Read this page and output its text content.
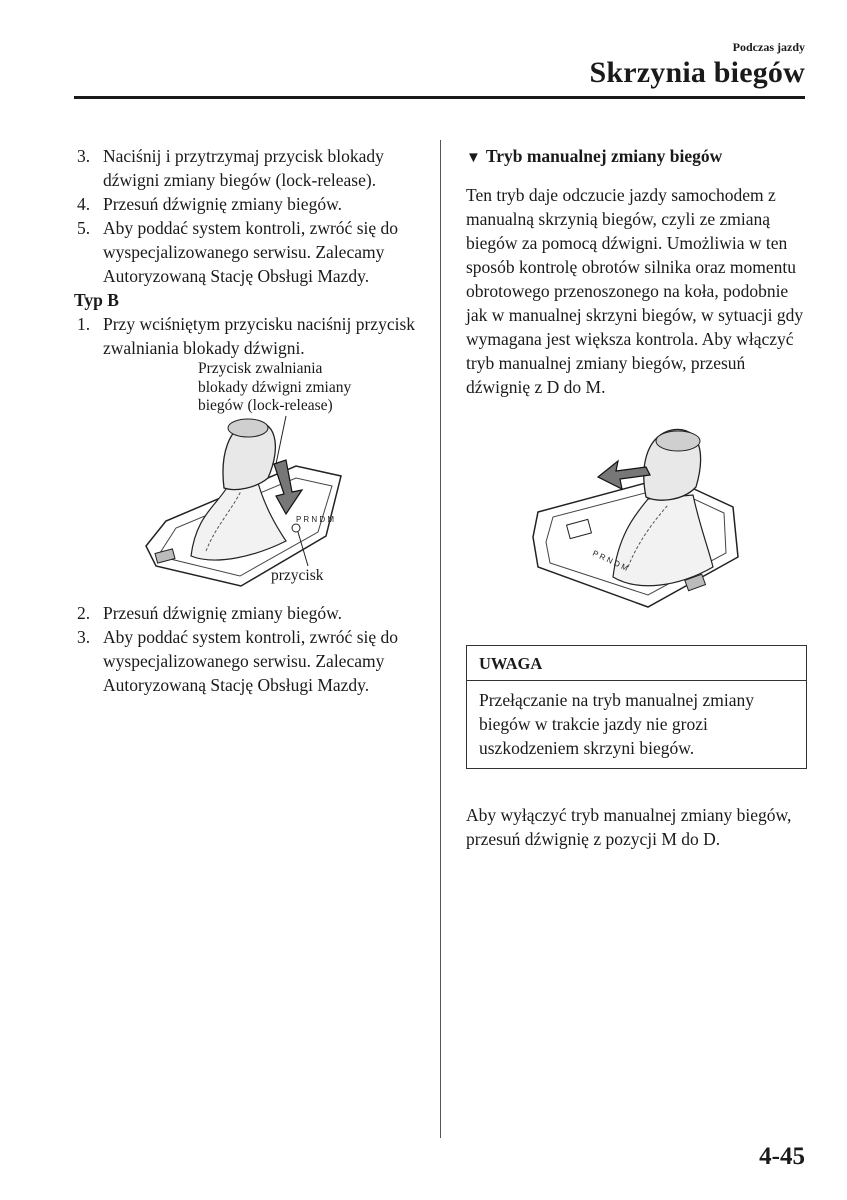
Podczas jazdy
Skrzynia biegów
3. Naciśnij i przytrzymaj przycisk blokady dźwigni zmiany biegów (lock-release).
4. Przesuń dźwignię zmiany biegów.
5. Aby poddać system kontroli, zwróć się do wyspecjalizowanego serwisu. Zalecamy Autoryzowaną Stację Obsługi Mazdy.
Typ B
1. Przy wciśniętym przycisku naciśnij przycisk zwalniania blokady dźwigni.
Przycisk zwalniania
blokady dźwigni zmiany
biegów (lock-release)
P R N D M
przycisk
2. Przesuń dźwignię zmiany biegów.
3. Aby poddać system kontroli, zwróć się do wyspecjalizowanego serwisu. Zalecamy Autoryzowaną Stację Obsługi Mazdy.
▼ Tryb manualnej zmiany biegów
Ten tryb daje odczucie jazdy samochodem z manualną skrzynią biegów, czyli ze zmianą biegów za pomocą dźwigni. Umożliwia w ten sposób kontrolę obrotów silnika oraz momentu obrotowego przenoszonego na koła, podobnie jak w manualnej skrzyni biegów, w sytuacji gdy wymagana jest większa kontrola. Aby włączyć tryb manualnej zmiany biegów, przesuń dźwignię z D do M.
P R N D M
UWAGA
Przełączanie na tryb manualnej zmiany biegów w trakcie jazdy nie grozi uszkodzeniem skrzyni biegów.
Aby wyłączyć tryb manualnej zmiany biegów, przesuń dźwignię z pozycji M do D.
4-45
